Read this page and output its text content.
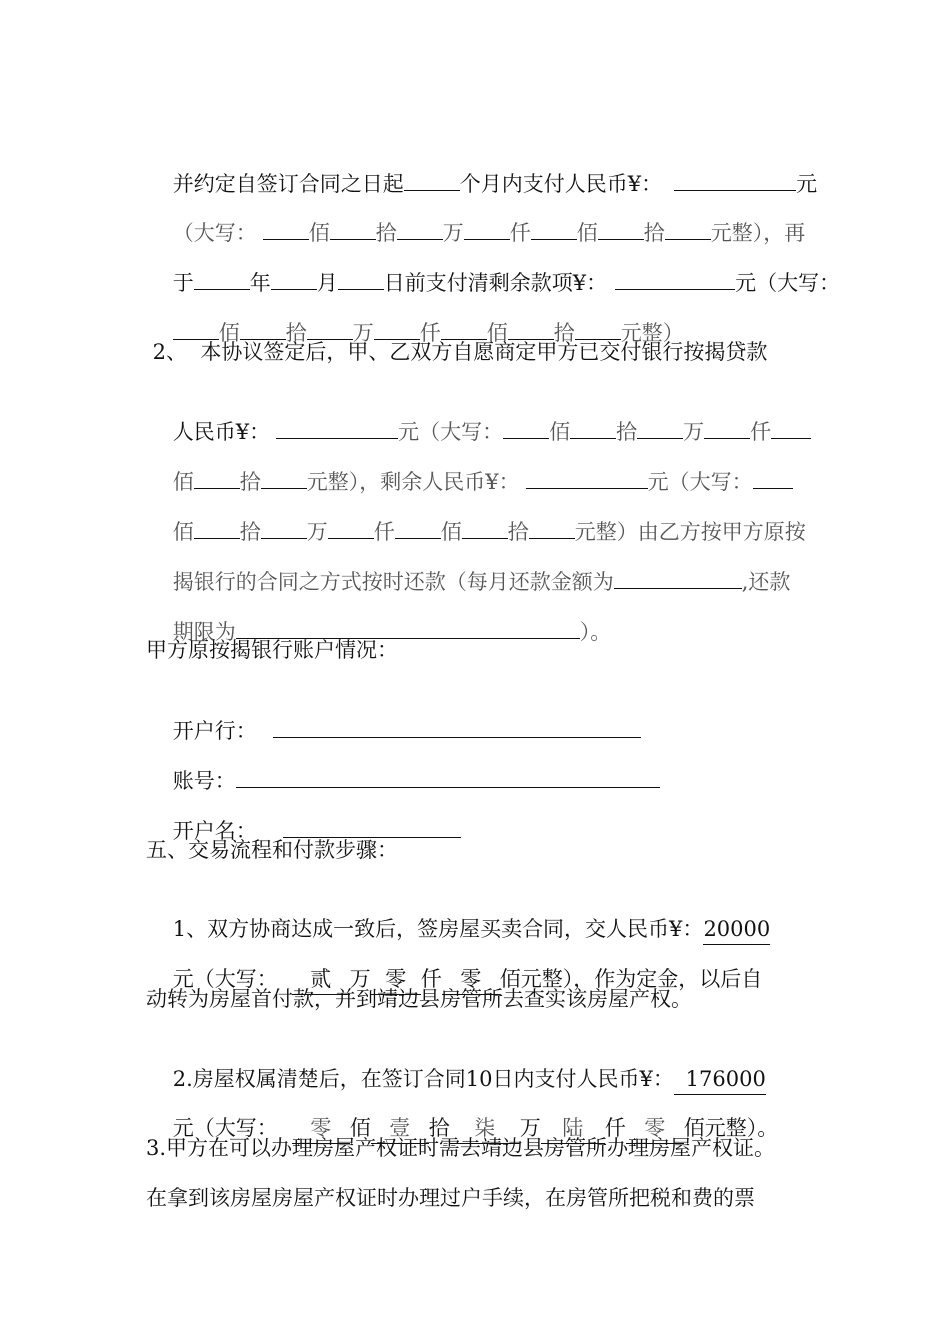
并约定自签订合同之日起	个月内支付人民币¥：	元

（大写： 佰 拾 万 仟 佰 拾 元整），再

于	年 月 日前支付清剩余款项¥：	元（大写：

佰 拾 万 仟 佰 拾 元整）

2、  本协议签定后，甲、乙双方自愿商定甲方已交付银行按揭贷款

人民币¥：	元（大写： 佰 拾 万 仟

佰 拾 元整），剩余人民币¥：	元（大写：

佰 拾 万 仟 佰 拾 元整）由乙方按甲方原按

揭银行的合同之方式按时还款（每月还款金额为	,还款

期限为	）。

甲方原按揭银行账户情况：

开户行：

账号：

开户名：

五、交易流程和付款步骤：

1、双方协商达成一致后，签房屋买卖合同，交人民币¥：20000

元（大写： 贰 万 零 仟 零 佰元整），作为定金，以后自

动转为房屋首付款，并到靖边县房管所去查实该房屋产权。

2.房屋权属清楚后，在签订合同10日内支付人民币¥： 176000

元（大写： 零 佰 壹 拾 柒 万 陆 仟 零 佰元整）。

3.甲方在可以办理房屋产权证时需去靖边县房管所办理房屋产权证。
在拿到该房屋房屋产权证时办理过户手续，在房管所把税和费的票
